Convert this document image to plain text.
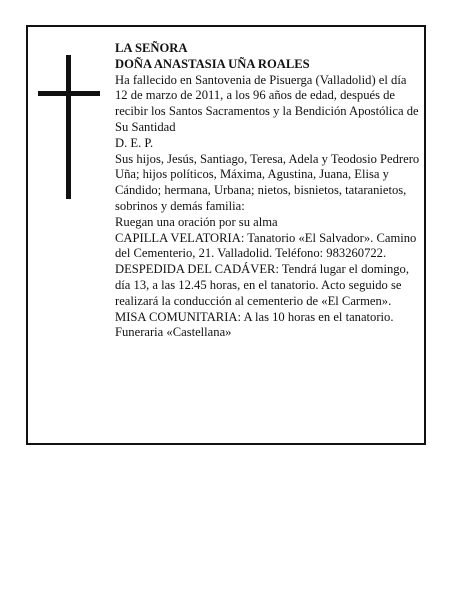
LA SEÑORA

DOÑA ANASTASIA UÑA ROALES

Ha fallecido en Santovenia de Pisuerga (Valladolid) el día 12 de marzo de 2011, a los 96 años de edad, después de recibir los Santos Sacramentos y la Bendición Apostólica de Su Santidad

D. E. P.

Sus hijos, Jesús, Santiago, Teresa, Adela y Teodosio Pedrero Uña; hijos políticos, Máxima, Agustina, Juana, Elisa y Cándido; hermana, Urbana; nietos, bisnietos, tataranietos, sobrinos y demás familia:

Ruegan una oración por su alma

CAPILLA VELATORIA: Tanatorio «El Salvador». Camino del Cementerio, 21. Valladolid. Teléfono: 983260722.

DESPEDIDA DEL CADÁVER: Tendrá lugar el domingo, día 13, a las 12.45 horas, en el tanatorio. Acto seguido se realizará la conducción al cementerio de «El Carmen».

MISA COMUNITARIA: A las 10 horas en el tanatorio.

Funeraria «Castellana»
